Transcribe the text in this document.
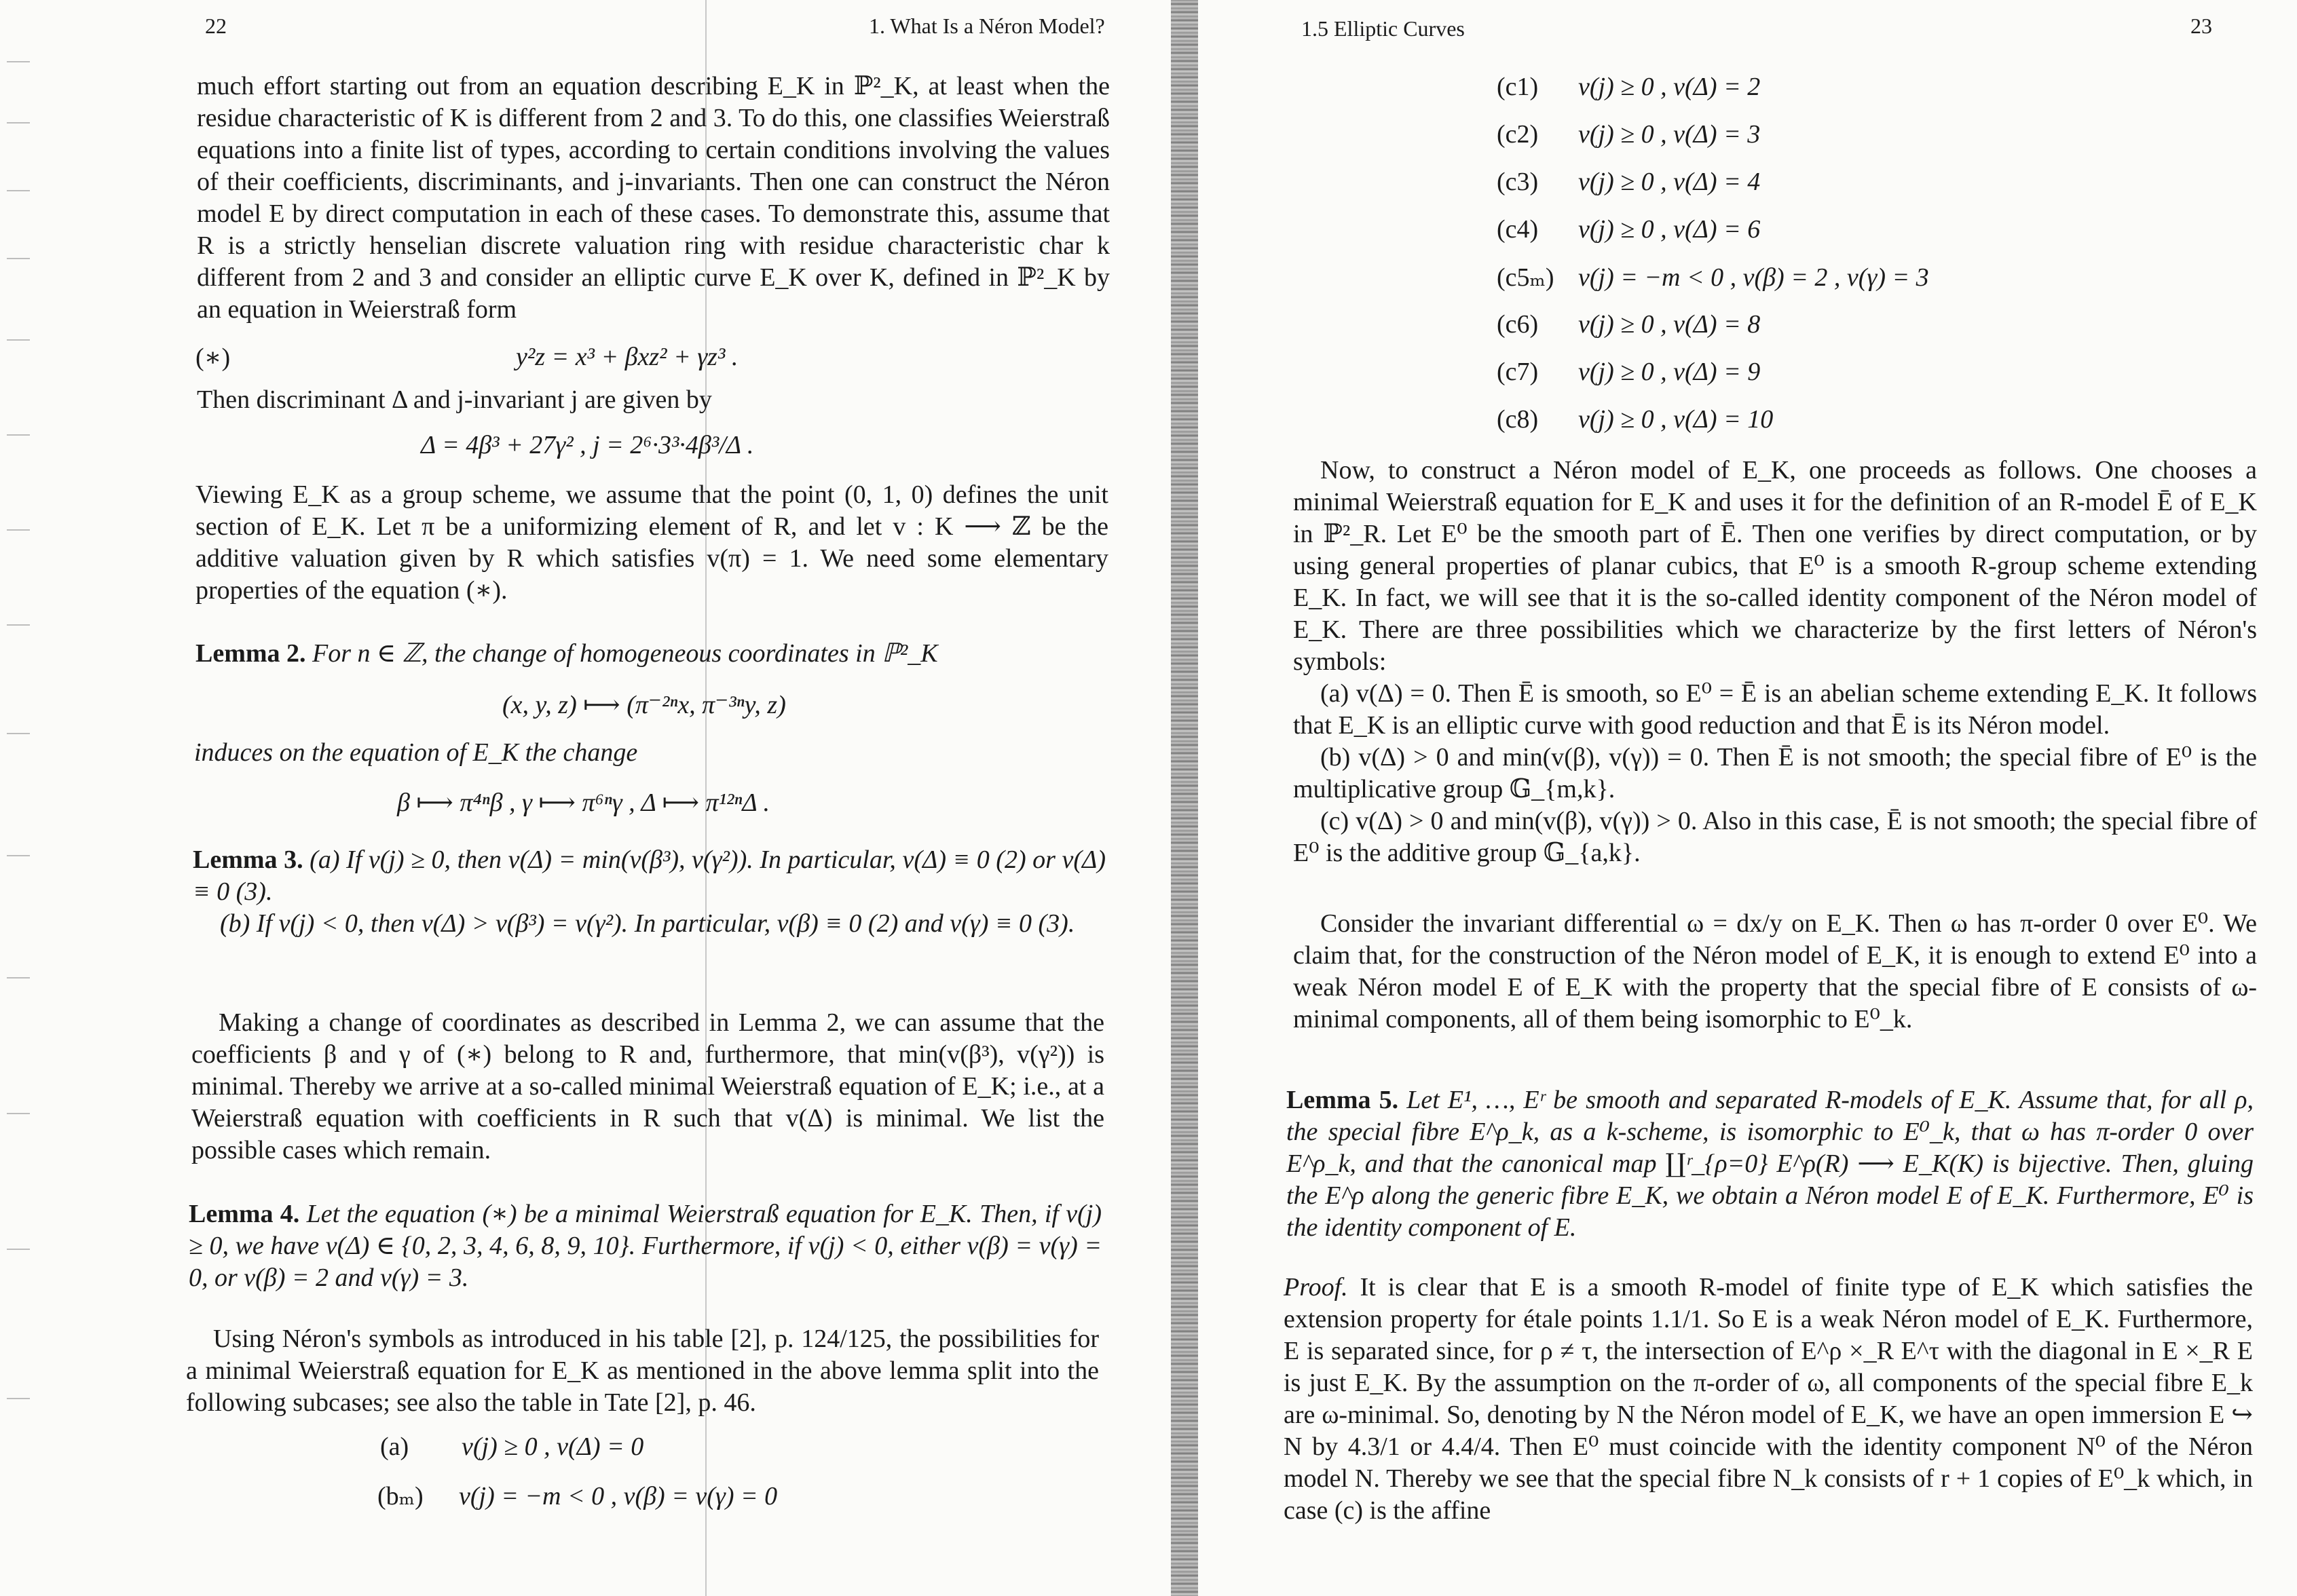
22	1. What Is a Néron Model?

much effort starting out from an equation describing E_K in ℙ²_K, at least when the residue characteristic of K is different from 2 and 3. To do this, one classifies Weierstraß equations into a finite list of types, according to certain conditions involving the values of their coefficients, discriminants, and j-invariants. Then one can construct the Néron model E by direct computation in each of these cases. To demonstrate this, assume that R is a strictly henselian discrete valuation ring with residue characteristic char k different from 2 and 3 and consider an elliptic curve E_K over K, defined in ℙ²_K by an equation in Weierstraß form

(∗)	y²z = x³ + βxz² + γz³ .

Then discriminant Δ and j-invariant j are given by

Δ = 4β³ + 27γ² , j = 2⁶·3³·4β³/Δ .

Viewing E_K as a group scheme, we assume that the point (0, 1, 0) defines the unit section of E_K. Let π be a uniformizing element of R, and let v : K ⟶ ℤ be the additive valuation given by R which satisfies v(π) = 1. We need some elementary properties of the equation (∗).

Lemma 2. For n ∈ ℤ, the change of homogeneous coordinates in ℙ²_K

(x, y, z) ⟼ (π⁻²ⁿx, π⁻³ⁿy, z)

induces on the equation of E_K the change

β ⟼ π⁴ⁿβ , γ ⟼ π⁶ⁿγ , Δ ⟼ π¹²ⁿΔ .

Lemma 3. (a) If v(j) ≥ 0, then v(Δ) = min(v(β³), v(γ²)). In particular, v(Δ) ≡ 0 (2) or v(Δ) ≡ 0 (3).

(b) If v(j) < 0, then v(Δ) > v(β³) = v(γ²). In particular, v(β) ≡ 0 (2) and v(γ) ≡ 0 (3).

Making a change of coordinates as described in Lemma 2, we can assume that the coefficients β and γ of (∗) belong to R and, furthermore, that min(v(β³), v(γ²)) is minimal. Thereby we arrive at a so-called minimal Weierstraß equation of E_K; i.e., at a Weierstraß equation with coefficients in R such that v(Δ) is minimal. We list the possible cases which remain.

Lemma 4. Let the equation (∗) be a minimal Weierstraß equation for E_K. Then, if v(j) ≥ 0, we have v(Δ) ∈ {0, 2, 3, 4, 6, 8, 9, 10}. Furthermore, if v(j) < 0, either v(β) = v(γ) = 0, or v(β) = 2 and v(γ) = 3.

Using Néron's symbols as introduced in his table [2], p. 124/125, the possibilities for a minimal Weierstraß equation for E_K as mentioned in the above lemma split into the following subcases; see also the table in Tate [2], p. 46.

(a) v(j) ≥ 0 , v(Δ) = 0
(bₘ) v(j) = −m < 0 , v(β) = v(γ) = 0
1.5 Elliptic Curves	23
(c1) v(j) ≥ 0 , v(Δ) = 2
(c2) v(j) ≥ 0 , v(Δ) = 3
(c3) v(j) ≥ 0 , v(Δ) = 4
(c4) v(j) ≥ 0 , v(Δ) = 6
(c5ₘ) v(j) = −m < 0 , v(β) = 2 , v(γ) = 3
(c6) v(j) ≥ 0 , v(Δ) = 8
(c7) v(j) ≥ 0 , v(Δ) = 9
(c8) v(j) ≥ 0 , v(Δ) = 10

Now, to construct a Néron model of E_K, one proceeds as follows. One chooses a minimal Weierstraß equation for E_K and uses it for the definition of an R-model Ē of E_K in ℙ²_R. Let E⁰ be the smooth part of Ē. Then one verifies by direct computation, or by using general properties of planar cubics, that E⁰ is a smooth R-group scheme extending E_K. In fact, we will see that it is the so-called identity component of the Néron model of E_K. There are three possibilities which we characterize by the first letters of Néron's symbols:

(a) v(Δ) = 0. Then Ē is smooth, so E⁰ = Ē is an abelian scheme extending E_K. It follows that E_K is an elliptic curve with good reduction and that Ē is its Néron model.

(b) v(Δ) > 0 and min(v(β), v(γ)) = 0. Then Ē is not smooth; the special fibre of E⁰ is the multiplicative group 𝔾_{m,k}.

(c) v(Δ) > 0 and min(v(β), v(γ)) > 0. Also in this case, Ē is not smooth; the special fibre of E⁰ is the additive group 𝔾_{a,k}.

Consider the invariant differential ω = dx/y on E_K. Then ω has π-order 0 over E⁰. We claim that, for the construction of the Néron model of E_K, it is enough to extend E⁰ into a weak Néron model E of E_K with the property that the special fibre of E consists of ω-minimal components, all of them being isomorphic to E⁰_k.

Lemma 5. Let E¹, …, Eʳ be smooth and separated R-models of E_K. Assume that, for all ρ, the special fibre E^ρ_k, as a k-scheme, is isomorphic to E⁰_k, that ω has π-order 0 over E^ρ_k, and that the canonical map ∐ʳ_{ρ=0} E^ρ(R) ⟶ E_K(K) is bijective. Then, gluing the E^ρ along the generic fibre E_K, we obtain a Néron model E of E_K. Furthermore, E⁰ is the identity component of E.

Proof. It is clear that E is a smooth R-model of finite type of E_K which satisfies the extension property for étale points 1.1/1. So E is a weak Néron model of E_K. Furthermore, E is separated since, for ρ ≠ τ, the intersection of E^ρ ×_R E^τ with the diagonal in E ×_R E is just E_K. By the assumption on the π-order of ω, all components of the special fibre E_k are ω-minimal. So, denoting by N the Néron model of E_K, we have an open immersion E ↪ N by 4.3/1 or 4.4/4. Then E⁰ must coincide with the identity component N⁰ of the Néron model N. Thereby we see that the special fibre N_k consists of r + 1 copies of E⁰_k which, in case (c) is the affine
